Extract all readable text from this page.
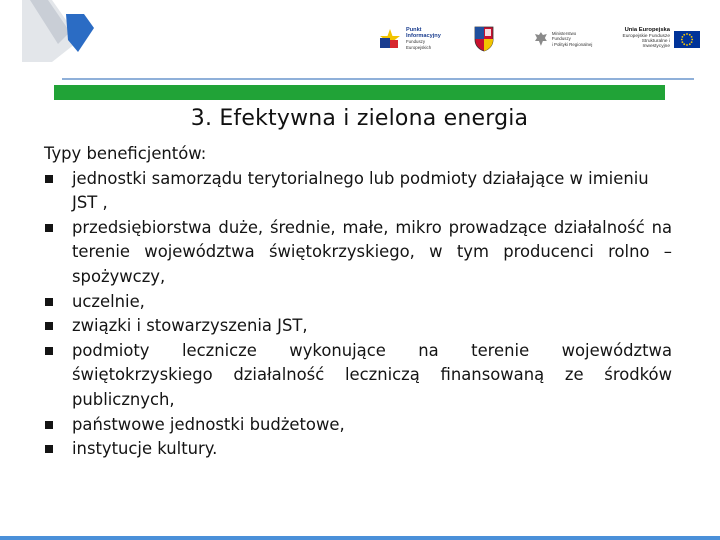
Punkt
Informacyjny
Funduszy Europejskich
Ministerstwo Funduszy
i Polityki Regionalnej
Unia Europejska
Europejskie Fundusze
Strukturalne i Inwestycyjne
3. Efektywna i zielona energia

Typy beneficjentów:

jednostki samorządu terytorialnego lub podmioty działające w imieniu JST ,
przedsiębiorstwa duże, średnie, małe, mikro prowadzące działalność na terenie województwa świętokrzyskiego, w tym producenci rolno – spożywczy,
uczelnie,
związki i stowarzyszenia JST,
podmioty lecznicze wykonujące na terenie województwa świętokrzyskiego działalność leczniczą finansowaną ze środków publicznych,
państwowe jednostki budżetowe,
instytucje kultury.
